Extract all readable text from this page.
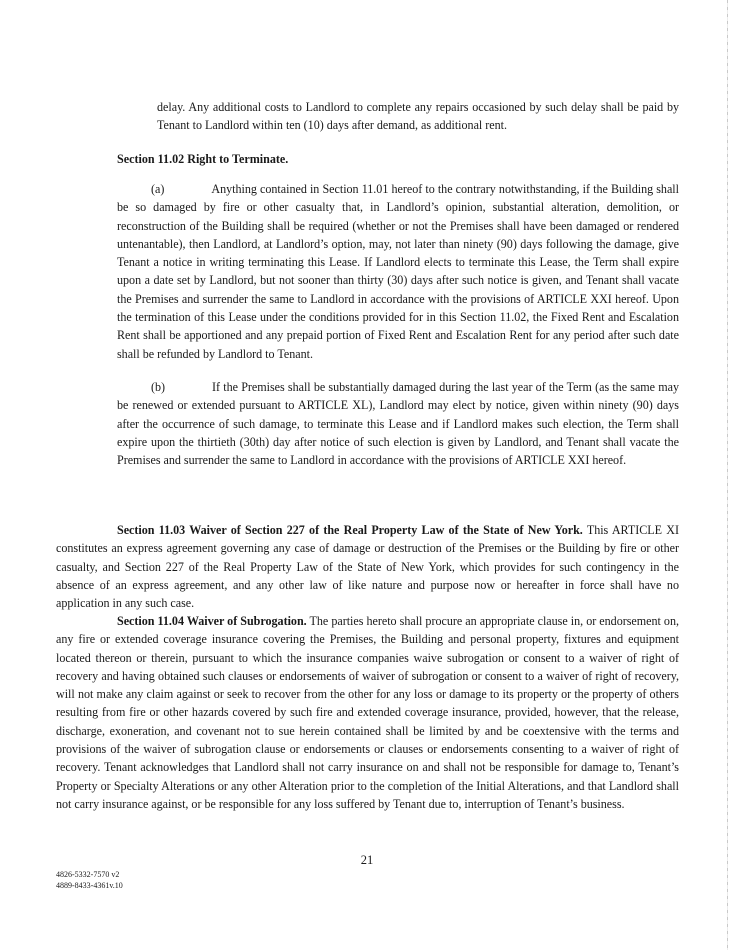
delay. Any additional costs to Landlord to complete any repairs occasioned by such delay shall be paid by Tenant to Landlord within ten (10) days after demand, as additional rent.

Section 11.02 Right to Terminate.

(a)	Anything contained in Section 11.01 hereof to the contrary notwithstanding, if the Building shall be so damaged by fire or other casualty that, in Landlord’s opinion, substantial alteration, demolition, or reconstruction of the Building shall be required (whether or not the Premises shall have been damaged or rendered untenantable), then Landlord, at Landlord’s option, may, not later than ninety (90) days following the damage, give Tenant a notice in writing terminating this Lease. If Landlord elects to terminate this Lease, the Term shall expire upon a date set by Landlord, but not sooner than thirty (30) days after such notice is given, and Tenant shall vacate the Premises and surrender the same to Landlord in accordance with the provisions of ARTICLE XXI hereof. Upon the termination of this Lease under the conditions provided for in this Section 11.02, the Fixed Rent and Escalation Rent shall be apportioned and any prepaid portion of Fixed Rent and Escalation Rent for any period after such date shall be refunded by Landlord to Tenant.

(b)	If the Premises shall be substantially damaged during the last year of the Term (as the same may be renewed or extended pursuant to ARTICLE XL), Landlord may elect by notice, given within ninety (90) days after the occurrence of such damage, to terminate this Lease and if Landlord makes such election, the Term shall expire upon the thirtieth (30th) day after notice of such election is given by Landlord, and Tenant shall vacate the Premises and surrender the same to Landlord in accordance with the provisions of ARTICLE XXI hereof.

Section 11.03 Waiver of Section 227 of the Real Property Law of the State of New York. This ARTICLE XI constitutes an express agreement governing any case of damage or destruction of the Premises or the Building by fire or other casualty, and Section 227 of the Real Property Law of the State of New York, which provides for such contingency in the absence of an express agreement, and any other law of like nature and purpose now or hereafter in force shall have no application in any such case.

Section 11.04 Waiver of Subrogation. The parties hereto shall procure an appropriate clause in, or endorsement on, any fire or extended coverage insurance covering the Premises, the Building and personal property, fixtures and equipment located thereon or therein, pursuant to which the insurance companies waive subrogation or consent to a waiver of right of recovery and having obtained such clauses or endorsements of waiver of subrogation or consent to a waiver of right of recovery, will not make any claim against or seek to recover from the other for any loss or damage to its property or the property of others resulting from fire or other hazards covered by such fire and extended coverage insurance, provided, however, that the release, discharge, exoneration, and covenant not to sue herein contained shall be limited by and be coextensive with the terms and provisions of the waiver of subrogation clause or endorsements or clauses or endorsements consenting to a waiver of right of recovery. Tenant acknowledges that Landlord shall not carry insurance on and shall not be responsible for damage to, Tenant’s Property or Specialty Alterations or any other Alteration prior to the completion of the Initial Alterations, and that Landlord shall not carry insurance against, or be responsible for any loss suffered by Tenant due to, interruption of Tenant’s business.

21

4826-5332-7570 v2

4889-8433-4361v.10
